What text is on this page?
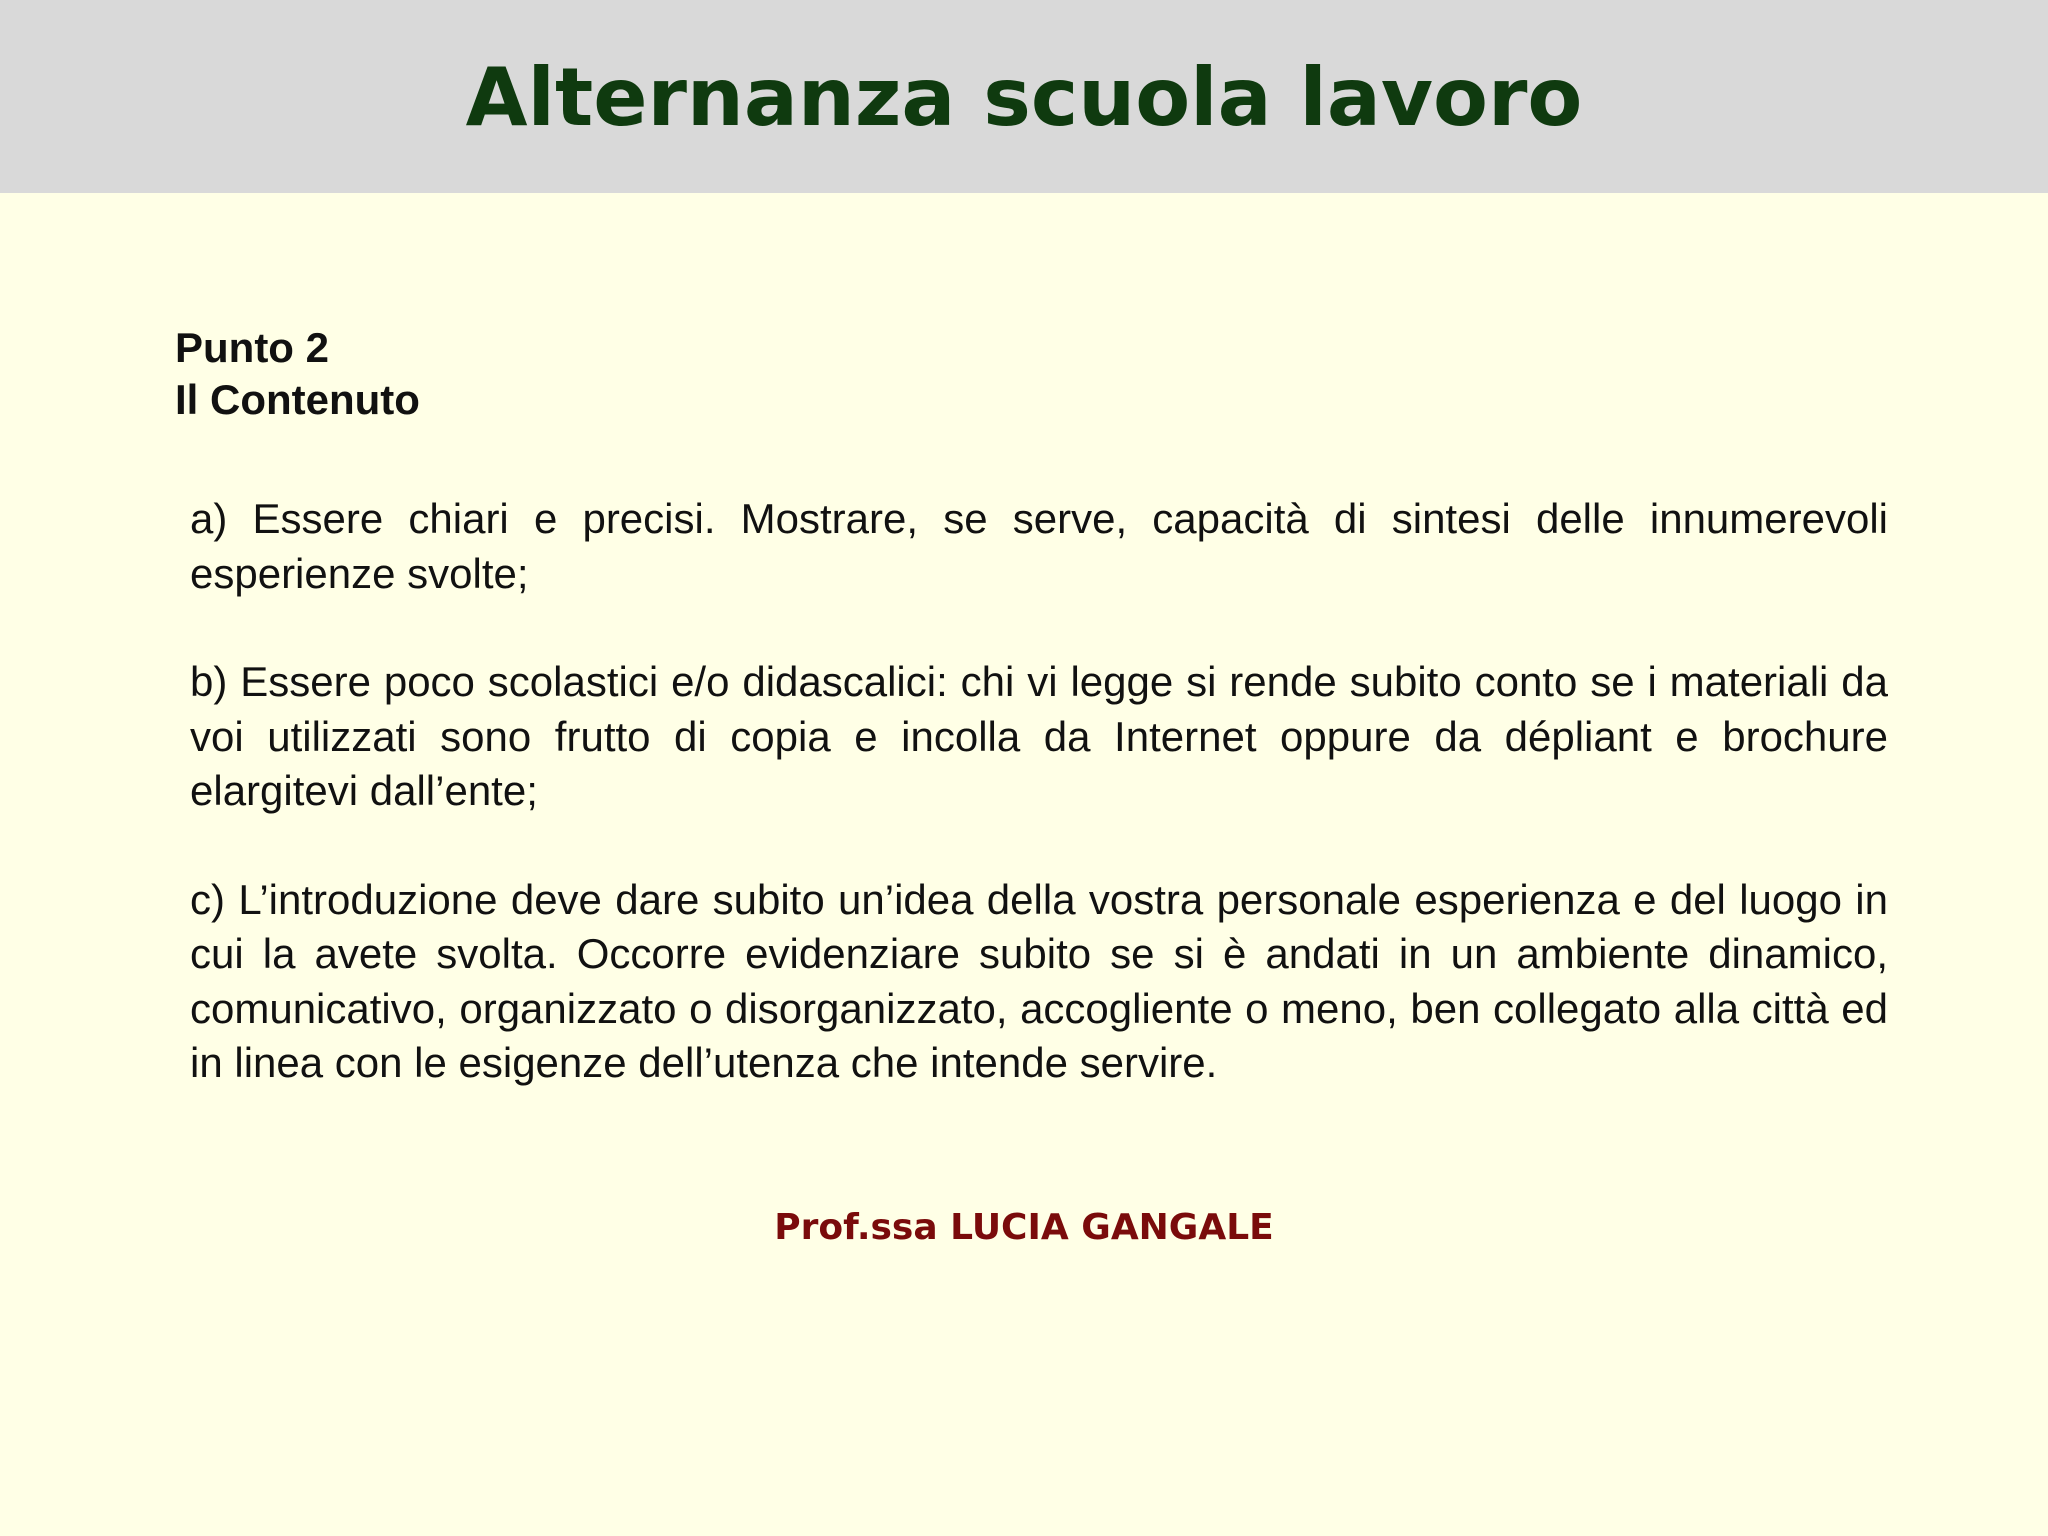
Alternanza scuola lavoro
Punto 2
Il Contenuto

a) Essere chiari e precisi. Mostrare, se serve, capacità di sintesi delle innumerevoli esperienze svolte;

b) Essere poco scolastici e/o didascalici: chi vi legge si rende subito conto se i materiali da voi utilizzati sono frutto di copia e incolla da Internet oppure da dépliant e brochure elargitevi dall’ente;

c) L’introduzione deve dare subito un’idea della vostra personale esperienza e del luogo in cui la avete svolta. Occorre evidenziare subito se si è andati in un ambiente dinamico, comunicativo, organizzato o disorganizzato, accogliente o meno, ben collegato alla città ed in linea con le esigenze dell’utenza che intende servire.

Prof.ssa LUCIA GANGALE
